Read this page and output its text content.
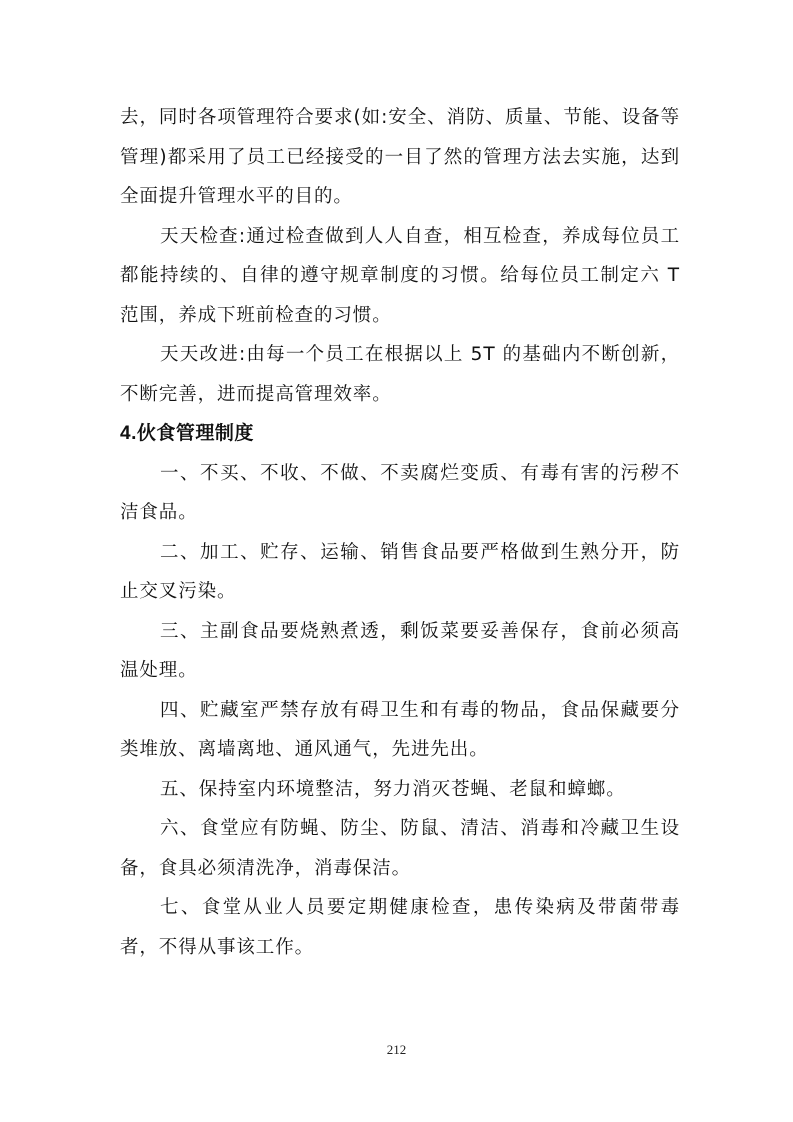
去，同时各项管理符合要求(如:安全、消防、质量、节能、设备等管理)都采用了员工已经接受的一目了然的管理方法去实施，达到全面提升管理水平的目的。

天天检查:通过检查做到人人自查，相互检查，养成每位员工都能持续的、自律的遵守规章制度的习惯。给每位员工制定六 T 范围，养成下班前检查的习惯。

天天改进:由每一个员工在根据以上 5T 的基础内不断创新，不断完善，进而提高管理效率。

4.伙食管理制度

一、不买、不收、不做、不卖腐烂变质、有毒有害的污秽不洁食品。

二、加工、贮存、运输、销售食品要严格做到生熟分开，防止交叉污染。

三、主副食品要烧熟煮透，剩饭菜要妥善保存，食前必须高温处理。

四、贮藏室严禁存放有碍卫生和有毒的物品，食品保藏要分类堆放、离墙离地、通风通气，先进先出。

五、保持室内环境整洁，努力消灭苍蝇、老鼠和蟑螂。

六、食堂应有防蝇、防尘、防鼠、清洁、消毒和冷藏卫生设备，食具必须清洗净，消毒保洁。

七、食堂从业人员要定期健康检查，患传染病及带菌带毒者，不得从事该工作。

212
